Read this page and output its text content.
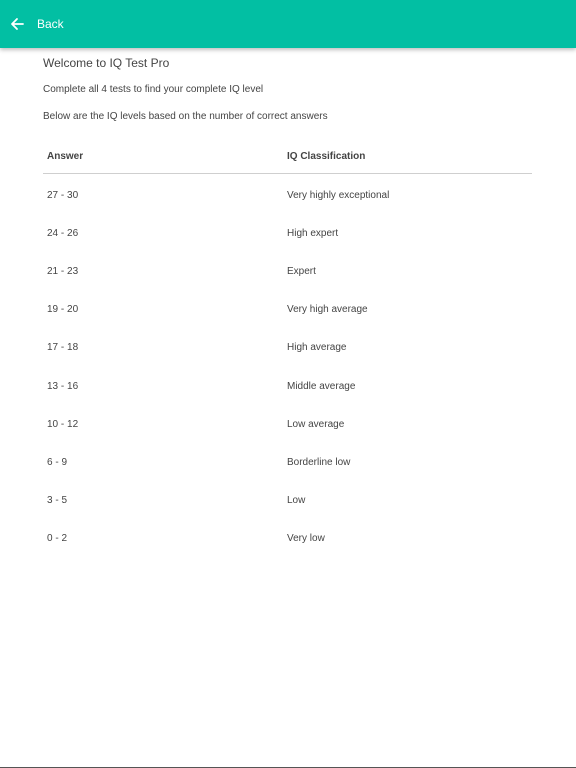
Back

Welcome to IQ Test Pro

Complete all 4 tests to find your complete IQ level

Below are the IQ levels based on the number of correct answers

Answer	IQ Classification
27 - 30	Very highly exceptional
24 - 26	High expert
21 - 23	Expert
19 - 20	Very high average
17 - 18	High average
13 - 16	Middle average
10 - 12	Low average
6 - 9	Borderline low
3 - 5	Low
0 - 2	Very low
